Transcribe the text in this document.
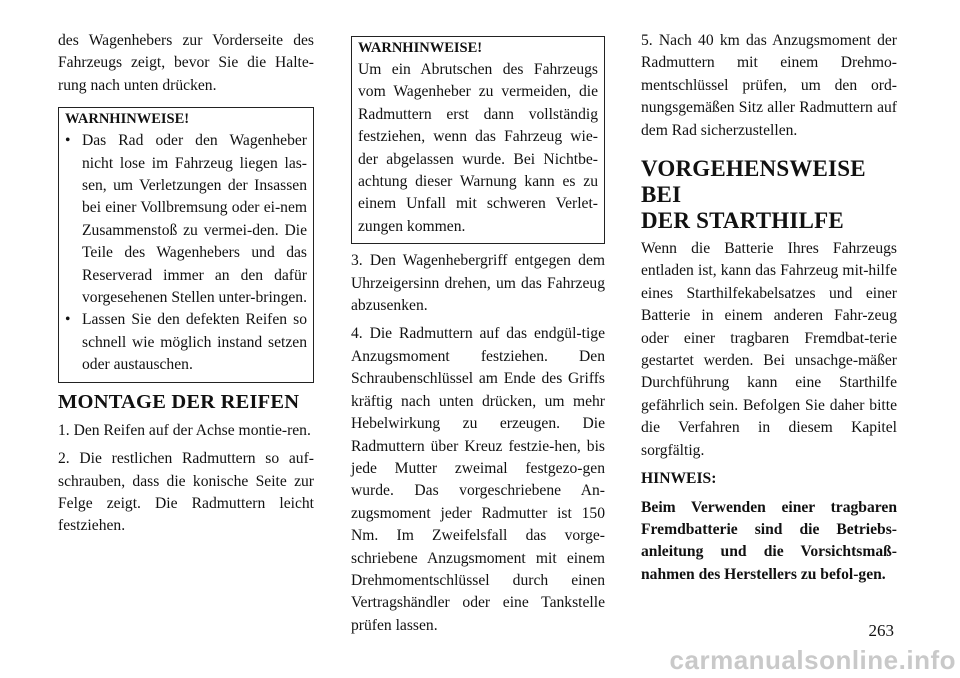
des Wagenhebers zur Vorderseite des Fahrzeugs zeigt, bevor Sie die Halte-rung nach unten drücken.

WARNHINWEISE!
• Das Rad oder den Wagenheber nicht lose im Fahrzeug liegen las-sen, um Verletzungen der Insassen bei einer Vollbremsung oder ei-nem Zusammenstoß zu vermei-den. Die Teile des Wagenhebers und das Reserverad immer an den dafür vorgesehenen Stellen unter-bringen.
• Lassen Sie den defekten Reifen so schnell wie möglich instand setzen oder austauschen.
MONTAGE DER REIFEN

1. Den Reifen auf der Achse montie-ren.

2. Die restlichen Radmuttern so auf-schrauben, dass die konische Seite zur Felge zeigt. Die Radmuttern leicht festziehen.

WARNHINWEISE!

Um ein Abrutschen des Fahrzeugs vom Wagenheber zu vermeiden, die Radmuttern erst dann vollständig festziehen, wenn das Fahrzeug wie-der abgelassen wurde. Bei Nichtbe-achtung dieser Warnung kann es zu einem Unfall mit schweren Verlet-zungen kommen.

3. Den Wagenhebergriff entgegen dem Uhrzeigersinn drehen, um das Fahrzeug abzusenken.

4. Die Radmuttern auf das endgül-tige Anzugsmoment festziehen. Den Schraubenschlüssel am Ende des Griffs kräftig nach unten drücken, um mehr Hebelwirkung zu erzeugen. Die Radmuttern über Kreuz festzie-hen, bis jede Mutter zweimal festgezo-gen wurde. Das vorgeschriebene An-zugsmoment jeder Radmutter ist 150 Nm. Im Zweifelsfall das vorge-schriebene Anzugsmoment mit einem Drehmomentschlüssel durch einen Vertragshändler oder eine Tankstelle prüfen lassen.

5. Nach 40 km das Anzugsmoment der Radmuttern mit einem Drehmo-mentschlüssel prüfen, um den ord-nungsgemäßen Sitz aller Radmuttern auf dem Rad sicherzustellen.

VORGEHENSWEISE BEI
DER STARTHILFE

Wenn die Batterie Ihres Fahrzeugs entladen ist, kann das Fahrzeug mit-hilfe eines Starthilfekabelsatzes und einer Batterie in einem anderen Fahr-zeug oder einer tragbaren Fremdbat-terie gestartet werden. Bei unsachge-mäßer Durchführung kann eine Starthilfe gefährlich sein. Befolgen Sie daher bitte die Verfahren in diesem Kapitel sorgfältig.

HINWEIS:

Beim Verwenden einer tragbaren Fremdbatterie sind die Betriebs-anleitung und die Vorsichtsmaß-nahmen des Herstellers zu befol-gen.

263
carmanualsonline.info
